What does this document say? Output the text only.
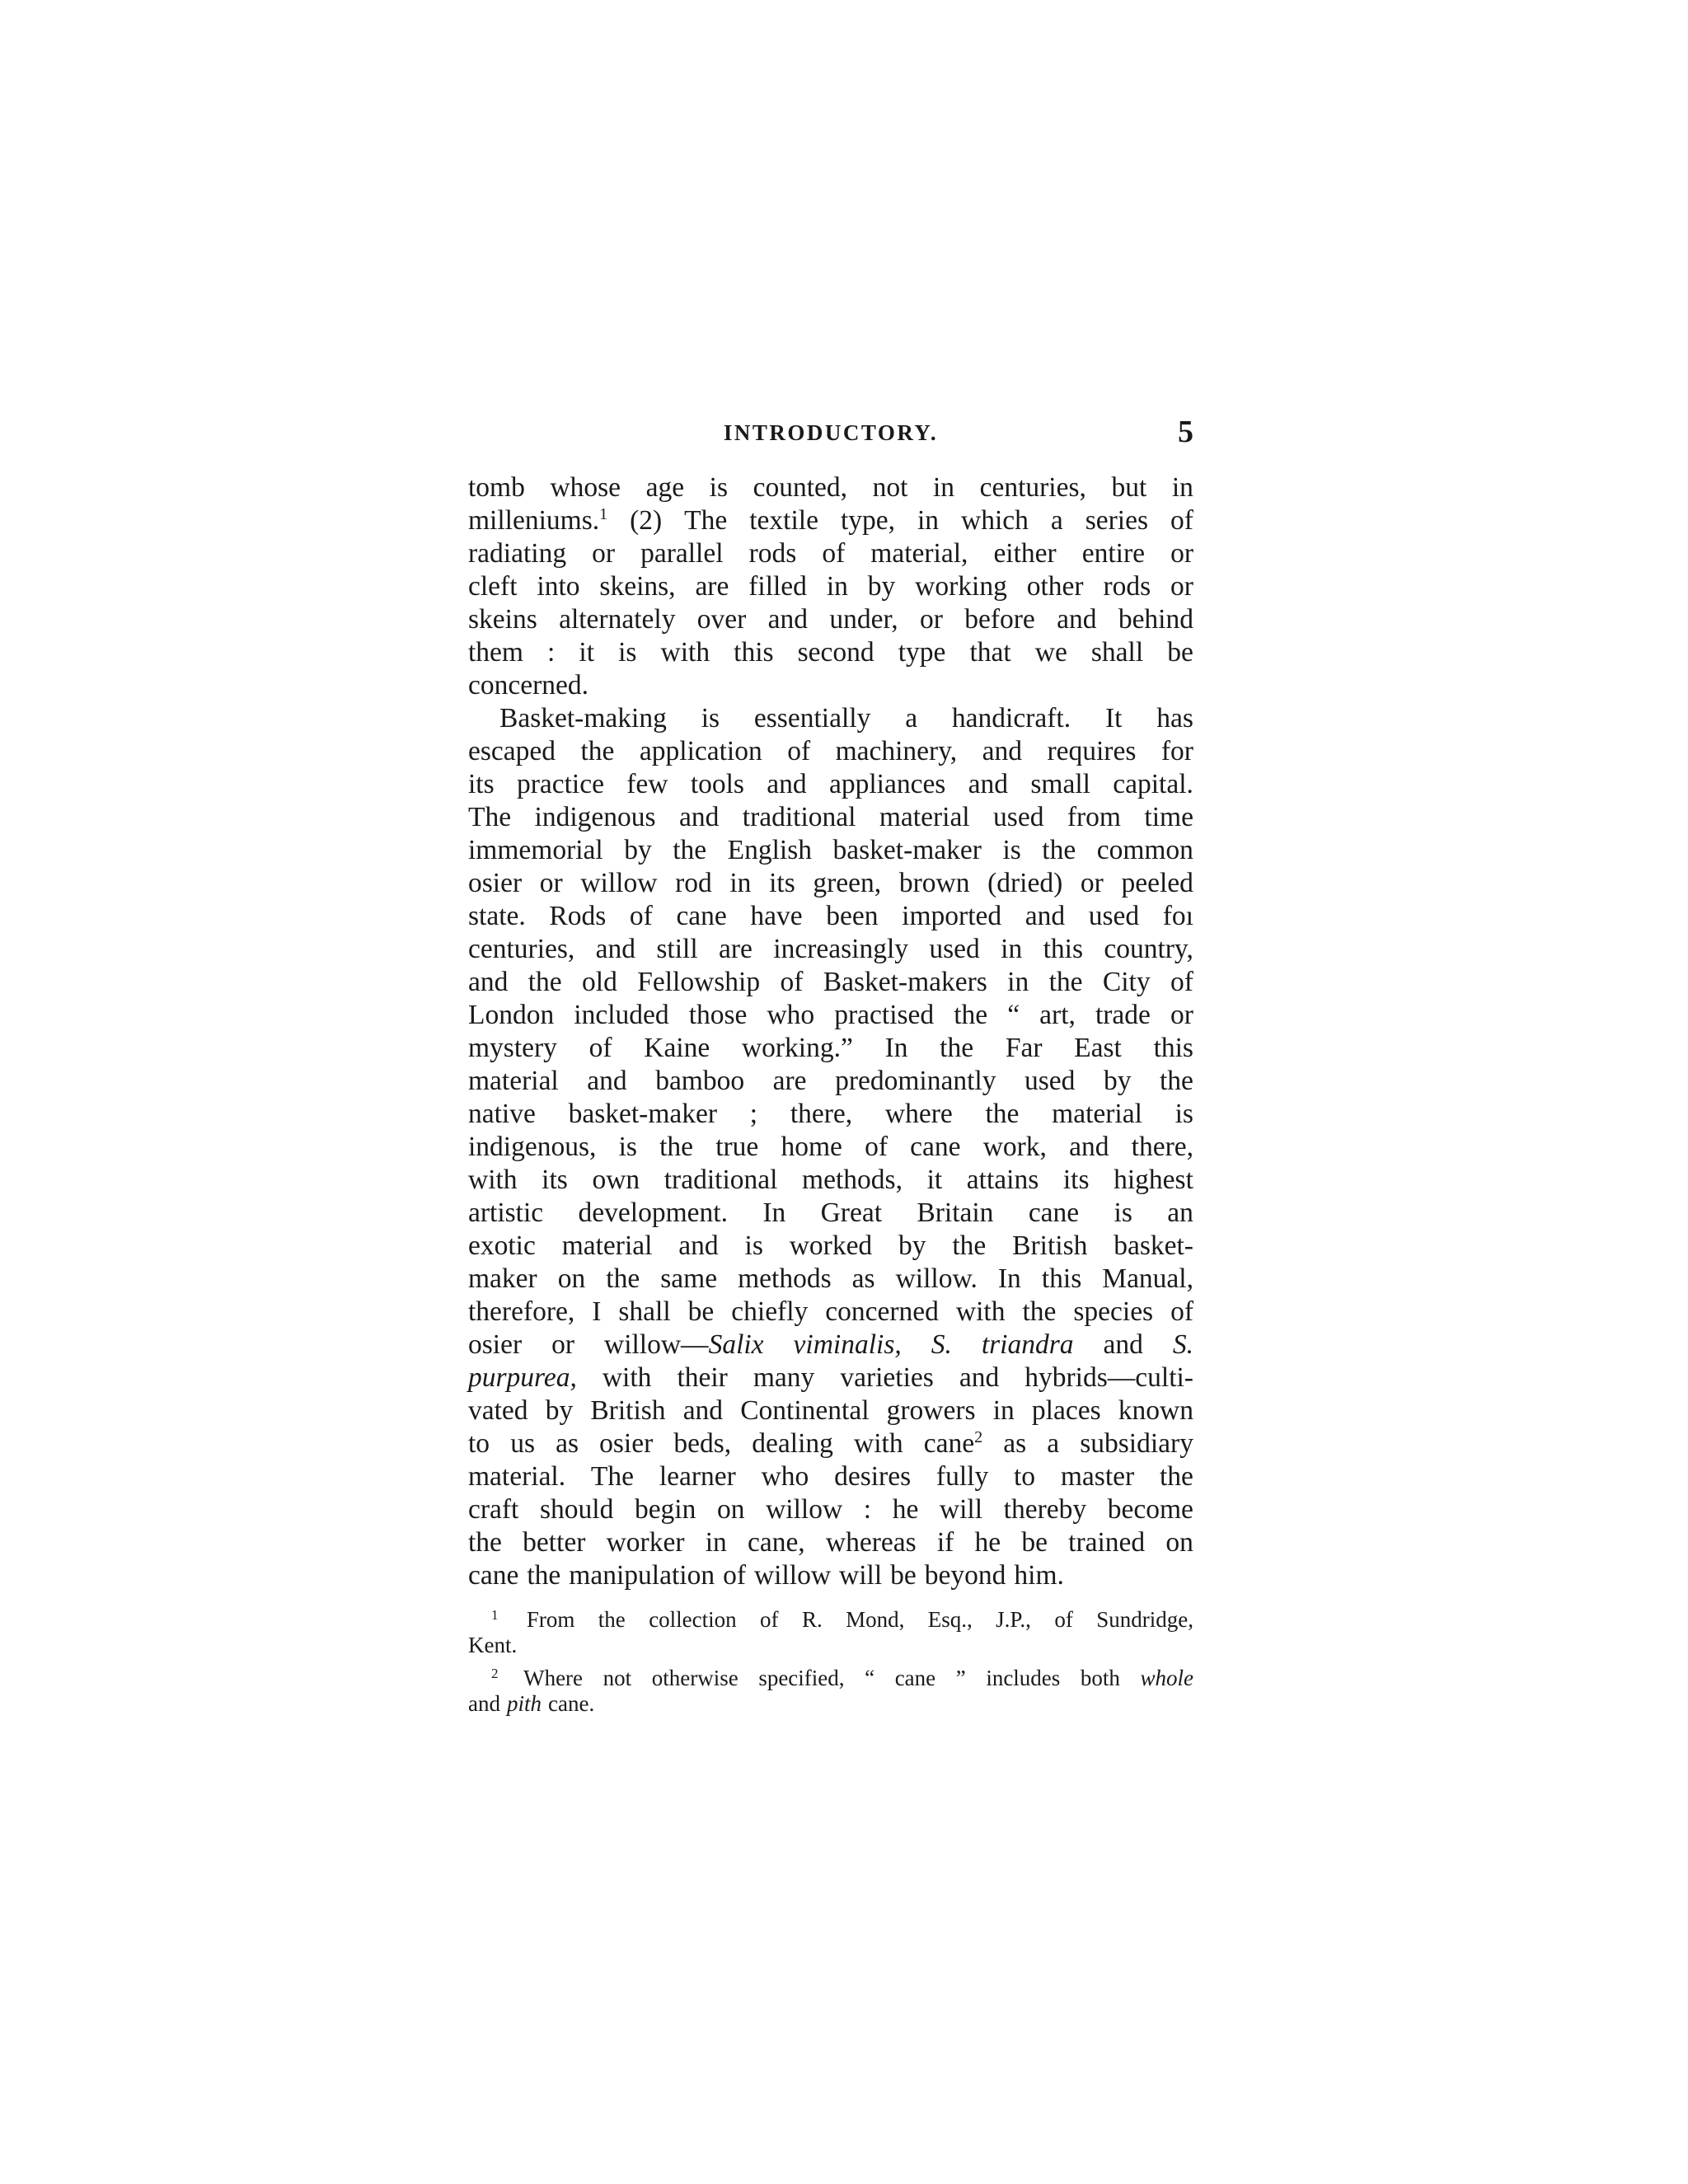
INTRODUCTORY.	5
tomb whose age is counted, not in centuries, but in
milleniums.$^1$ (2) The textile type, in which a series of
radiating or parallel rods of material, either entire or
cleft into skeins, are filled in by working other rods or
skeins alternately over and under, or before and behind
them : it is with this second type that we shall be
concerned.
Basket-making is essentially a handicraft. It has
escaped the application of machinery, and requires for
its practice few tools and appliances and small capital.
The indigenous and traditional material used from time
immemorial by the English basket-maker is the common
osier or willow rod in its green, brown (dried) or peeled
state. Rods of cane have been imported and used foı
centuries, and still are increasingly used in this country,
and the old Fellowship of Basket-makers in the City of
London included those who practised the “ art, trade or
mystery of Kaine working.” In the Far East this
material and bamboo are predominantly used by the
native basket-maker ; there, where the material is
indigenous, is the true home of cane work, and there,
with its own traditional methods, it attains its highest
artistic development. In Great Britain cane is an
exotic material and is worked by the British basket-
maker on the same methods as willow. In this Manual,
therefore, I shall be chiefly concerned with the species of
osier or willow—Salix viminalis, S. triandra and S.
purpurea, with their many varieties and hybrids—culti-
vated by British and Continental growers in places known
to us as osier beds, dealing with cane$^2$ as a subsidiary
material. The learner who desires fully to master the
craft should begin on willow : he will thereby become
the better worker in cane, whereas if he be trained on
cane the manipulation of willow will be beyond him.
$^1$ From the collection of R. Mond, Esq., J.P., of Sundridge,
Kent.
$^2$ Where not otherwise specified, “ cane ” includes both whole
and pith cane.
